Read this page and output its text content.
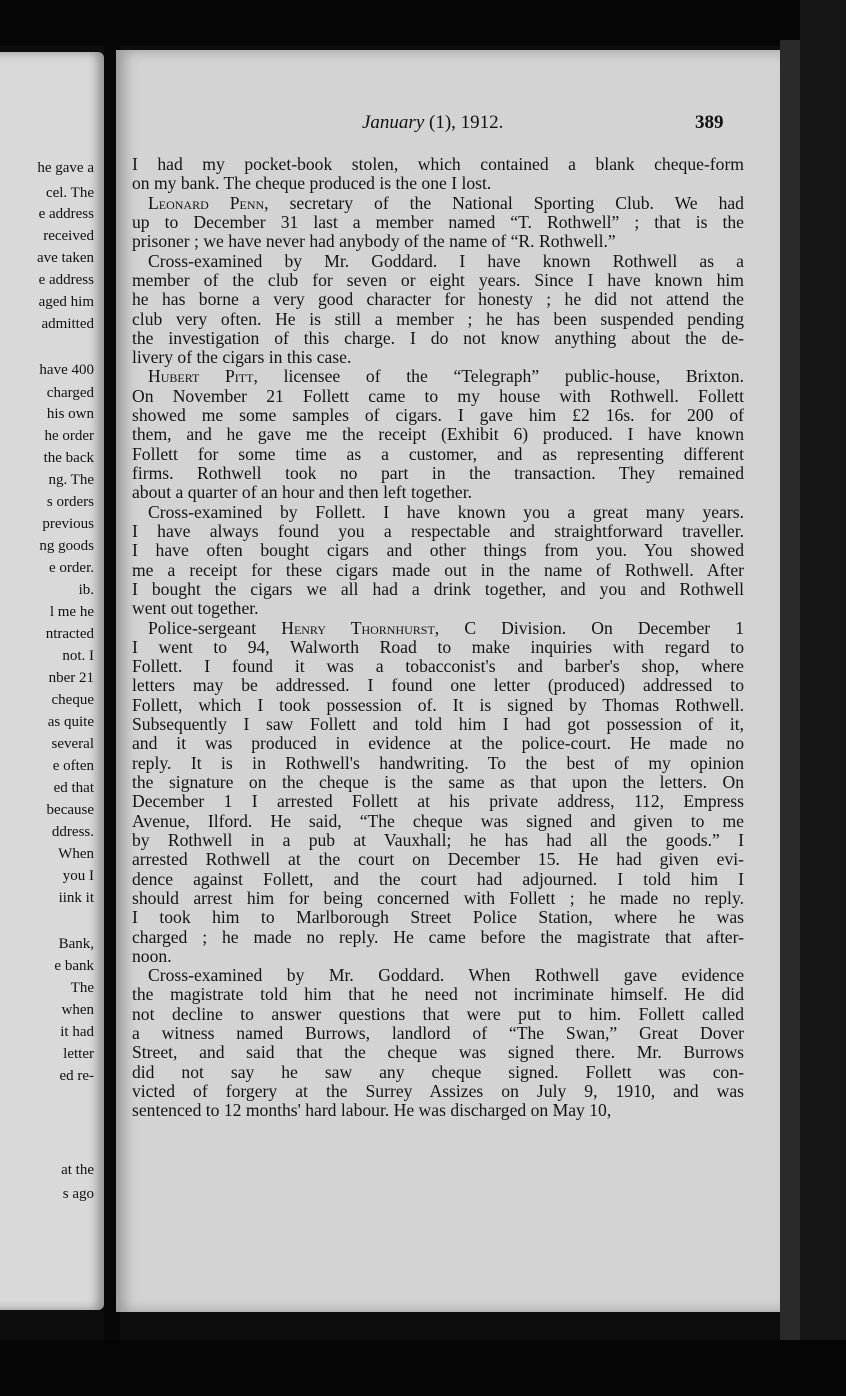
he gave a
cel. The
e address
received
ave taken
e address
aged him
admitted
have 400
charged
his own
he order
the back
ng. The
s orders
previous
ng goods
e order.
ib.
l me he
ntracted
not. I
nber 21
cheque
as quite
several
e often
ed that
because
ddress.
When
you I
iink it
Bank,
e bank
The
when
it had
letter
ed re-
at the
s ago
January (1), 1912.	389
I had my pocket-book stolen, which contained a blank cheque-form
on my bank. The cheque produced is the one I lost.
Leonard Penn, secretary of the National Sporting Club. We had
up to December 31 last a member named “T. Rothwell” ; that is the
prisoner ; we have never had anybody of the name of “R. Rothwell.”
Cross-examined by Mr. Goddard. I have known Rothwell as a
member of the club for seven or eight years. Since I have known him
he has borne a very good character for honesty ; he did not attend the
club very often. He is still a member ; he has been suspended pending
the investigation of this charge. I do not know anything about the de-
livery of the cigars in this case.
Hubert Pitt, licensee of the “Telegraph” public-house, Brixton.
On November 21 Follett came to my house with Rothwell. Follett
showed me some samples of cigars. I gave him £2 16s. for 200 of
them, and he gave me the receipt (Exhibit 6) produced. I have known
Follett for some time as a customer, and as representing different
firms. Rothwell took no part in the transaction. They remained
about a quarter of an hour and then left together.
Cross-examined by Follett. I have known you a great many years.
I have always found you a respectable and straightforward traveller.
I have often bought cigars and other things from you. You showed
me a receipt for these cigars made out in the name of Rothwell. After
I bought the cigars we all had a drink together, and you and Rothwell
went out together.
Police-sergeant Henry Thornhurst, C Division. On December 1
I went to 94, Walworth Road to make inquiries with regard to
Follett. I found it was a tobacconist's and barber's shop, where
letters may be addressed. I found one letter (produced) addressed to
Follett, which I took possession of. It is signed by Thomas Rothwell.
Subsequently I saw Follett and told him I had got possession of it,
and it was produced in evidence at the police-court. He made no
reply. It is in Rothwell's handwriting. To the best of my opinion
the signature on the cheque is the same as that upon the letters. On
December 1 I arrested Follett at his private address, 112, Empress
Avenue, Ilford. He said, “The cheque was signed and given to me
by Rothwell in a pub at Vauxhall; he has had all the goods.” I
arrested Rothwell at the court on December 15. He had given evi-
dence against Follett, and the court had adjourned. I told him I
should arrest him for being concerned with Follett ; he made no reply.
I took him to Marlborough Street Police Station, where he was
charged ; he made no reply. He came before the magistrate that after-
noon.
Cross-examined by Mr. Goddard. When Rothwell gave evidence
the magistrate told him that he need not incriminate himself. He did
not decline to answer questions that were put to him. Follett called
a witness named Burrows, landlord of “The Swan,” Great Dover
Street, and said that the cheque was signed there. Mr. Burrows
did not say he saw any cheque signed. Follett was con-
victed of forgery at the Surrey Assizes on July 9, 1910, and was
sentenced to 12 months' hard labour. He was discharged on May 10,
